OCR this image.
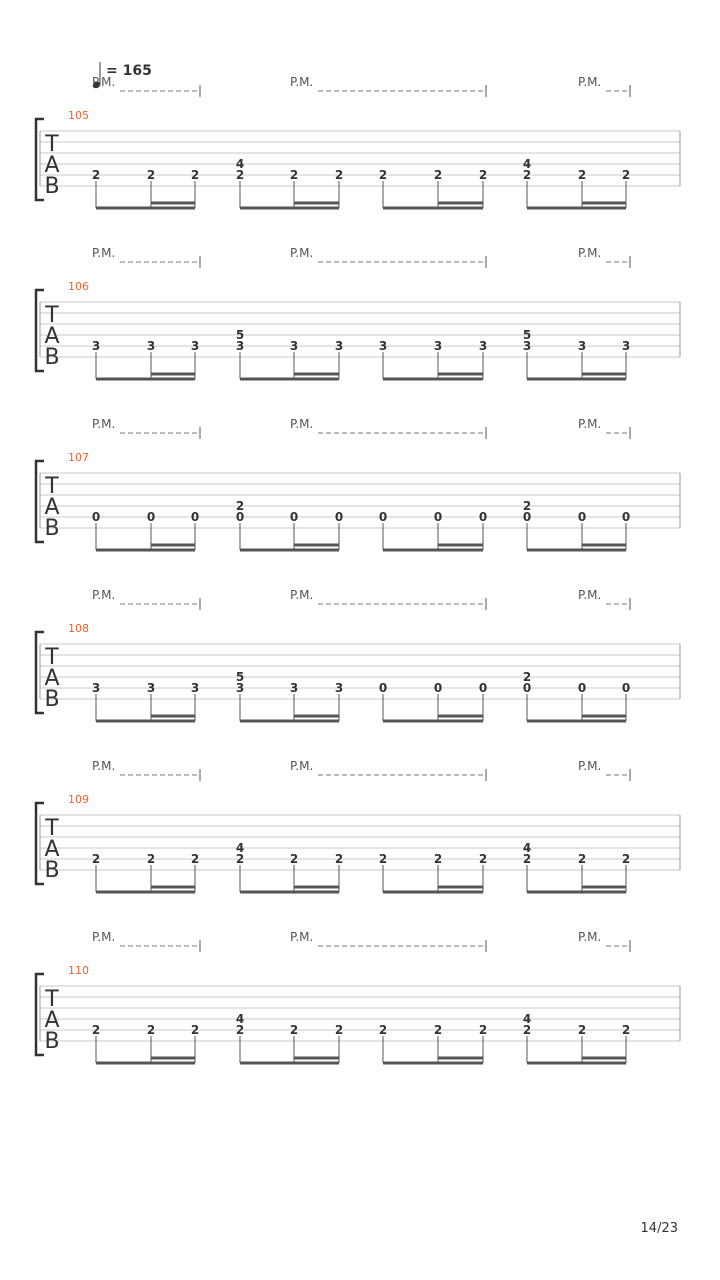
= 165
P.M.	P.M.	P.M.
105
T
A
B	2	2	2
4
2	2	2	2	2	2
4
2	2	2
P.M.	P.M.	P.M.
106
T
A
B	3	3	3
5
3	3	3	3	3	3
5
3	3	3
P.M.	P.M.	P.M.
107
T
A
B	0	0	0
2
0	0	0	0	0	0
2
0	0	0
P.M.	P.M.	P.M.
108
T
A
B	3	3	3
5
3	3	3	0	0	0
2
0	0	0
P.M.	P.M.	P.M.
109
T
A
B	2	2	2
4
2	2	2	2	2	2
4
2	2	2
P.M.	P.M.	P.M.
110
T
A
B	2	2	2
4
2	2	2	2	2	2
4
2	2	2
14/23
